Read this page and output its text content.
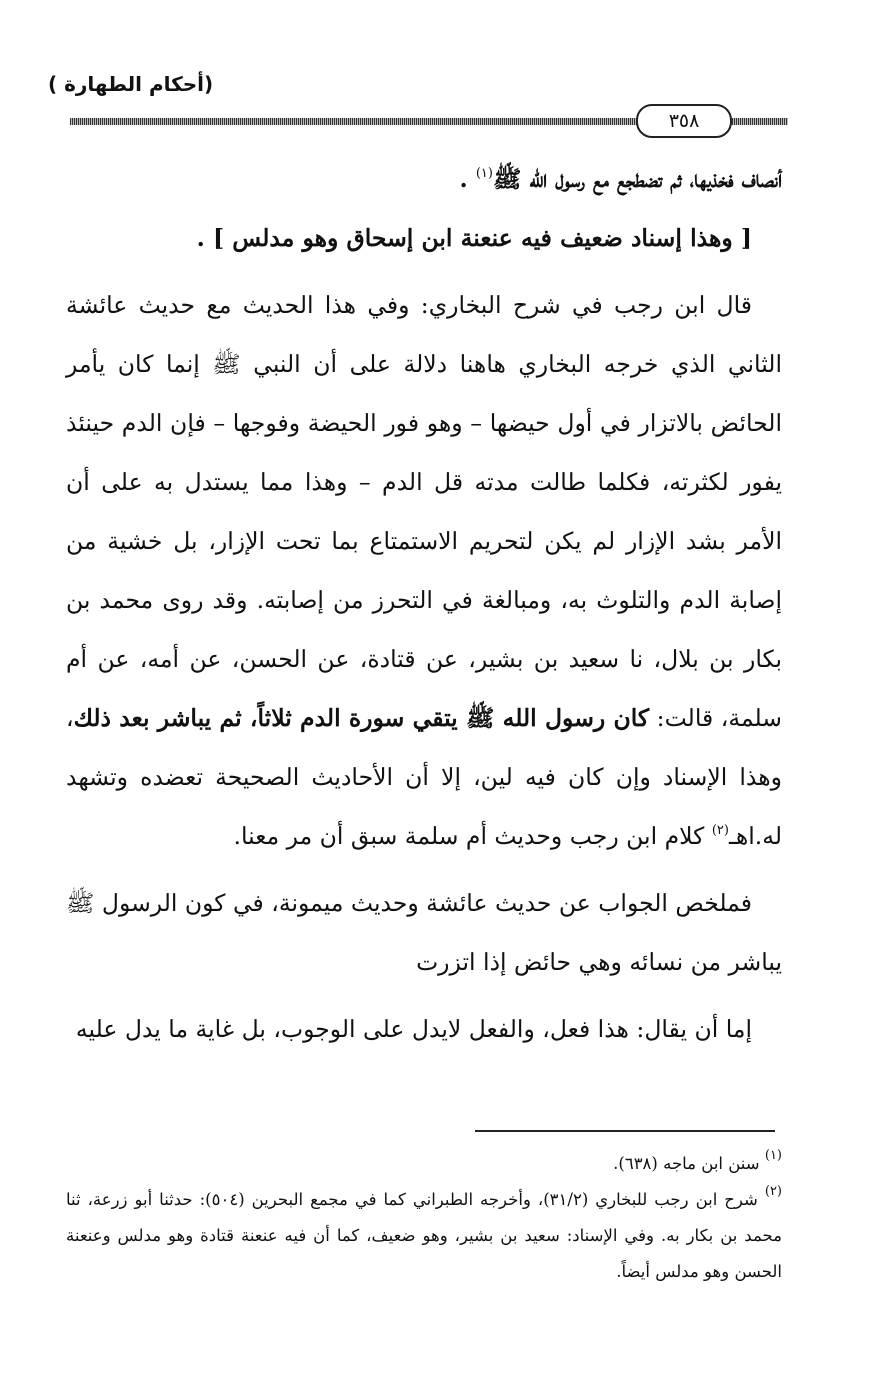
(أحكام الطهارة )
٣٥٨

أنصاف فخذيها، ثم تضطجع مع رسول الله ﷺ$^{(١)}$ .

[ وهذا إسناد ضعيف فيه عنعنة ابن إسحاق وهو مدلس ] .

قال ابن رجب في شرح البخاري: وفي هذا الحديث مع حديث عائشة الثاني الذي خرجه البخاري هاهنا دلالة على أن النبي ﷺ إنما كان يأمر الحائض بالاتزار في أول حيضها – وهو فور الحيضة وفوجها – فإن الدم حينئذ يفور لكثرته، فكلما طالت مدته قل الدم – وهذا مما يستدل به على أن الأمر بشد الإزار لم يكن لتحريم الاستمتاع بما تحت الإزار، بل خشية من إصابة الدم والتلوث به، ومبالغة في التحرز من إصابته. وقد روى محمد بن بكار بن بلال، نا سعيد بن بشير، عن قتادة، عن الحسن، عن أمه، عن أم سلمة، قالت: كان رسول الله ﷺ يتقي سورة الدم ثلاثاً، ثم يباشر بعد ذلك، وهذا الإسناد وإن كان فيه لين، إلا أن الأحاديث الصحيحة تعضده وتشهد له.اهـ$^{(٢)}$ كلام ابن رجب وحديث أم سلمة سبق أن مر معنا.

فملخص الجواب عن حديث عائشة وحديث ميمونة، في كون الرسول ﷺ يباشر من نسائه وهي حائض إذا اتزرت

إما أن يقال: هذا فعل، والفعل لايدل على الوجوب، بل غاية ما يدل عليه

$^{(١)}$ سنن ابن ماجه (٦٣٨).

$^{(٢)}$ شرح ابن رجب للبخاري (٣١/٢)، وأخرجه الطبراني كما في مجمع البحرين (٥٠٤): حدثنا أبو زرعة، ثنا محمد بن بكار به. وفي الإسناد: سعيد بن بشير، وهو ضعيف، كما أن فيه عنعنة قتادة وهو مدلس وعنعنة الحسن وهو مدلس أيضاً.
